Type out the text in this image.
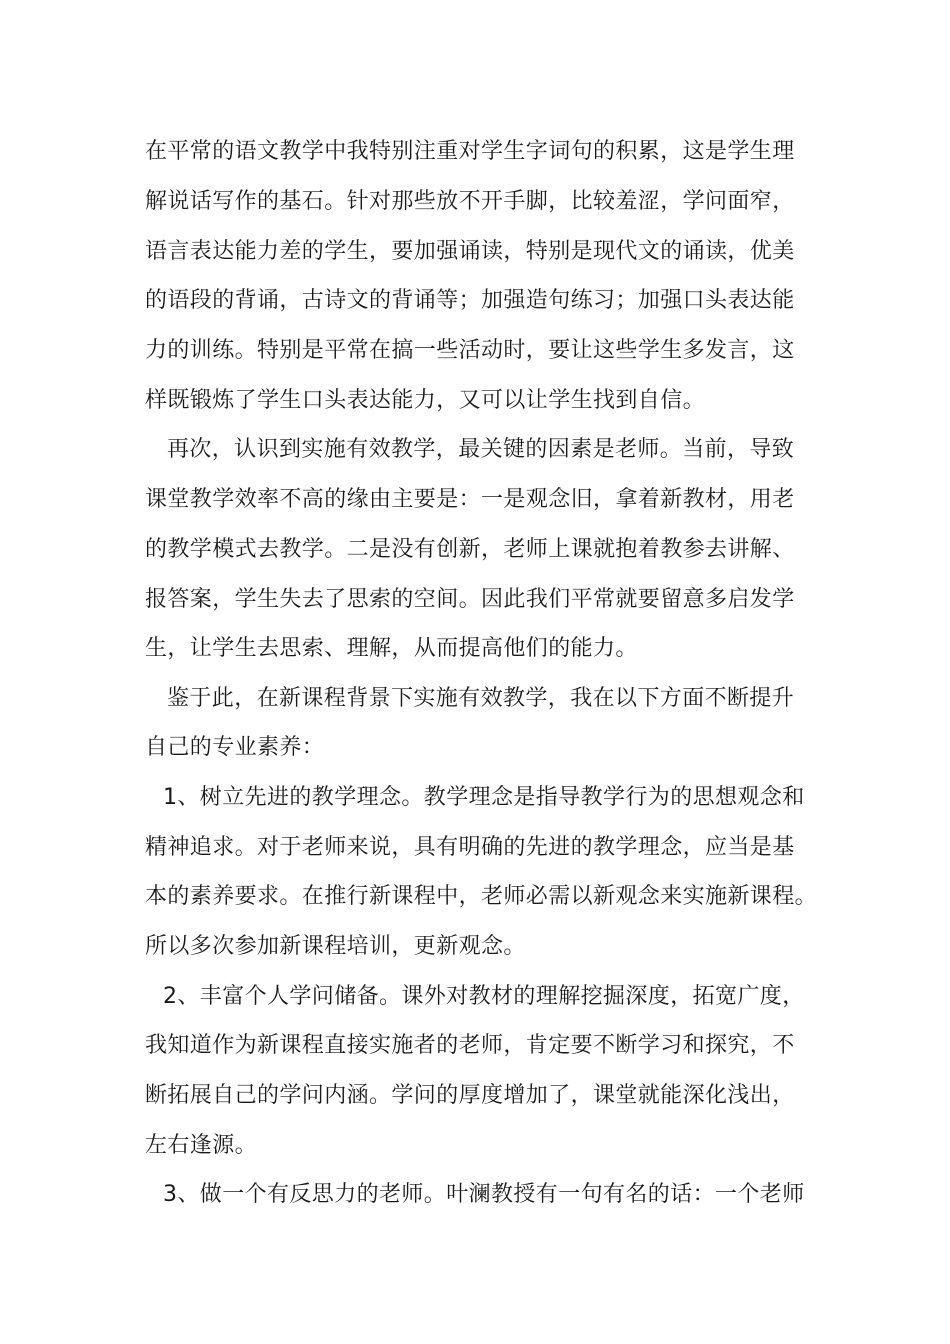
在平常的语文教学中我特别注重对学生字词句的积累，这是学生理
解说话写作的基石。针对那些放不开手脚，比较羞涩，学问面窄，
语言表达能力差的学生，要加强诵读，特别是现代文的诵读，优美
的语段的背诵，古诗文的背诵等；加强造句练习；加强口头表达能
力的训练。特别是平常在搞一些活动时，要让这些学生多发言，这
样既锻炼了学生口头表达能力，又可以让学生找到自信。
再次，认识到实施有效教学，最关键的因素是老师。当前，导致
课堂教学效率不高的缘由主要是：一是观念旧，拿着新教材，用老
的教学模式去教学。二是没有创新，老师上课就抱着教参去讲解、
报答案，学生失去了思索的空间。因此我们平常就要留意多启发学
生，让学生去思索、理解，从而提高他们的能力。
鉴于此，在新课程背景下实施有效教学，我在以下方面不断提升
自己的专业素养：
1、树立先进的教学理念。教学理念是指导教学行为的思想观念和
精神追求。对于老师来说，具有明确的先进的教学理念，应当是基
本的素养要求。在推行新课程中，老师必需以新观念来实施新课程。
所以多次参加新课程培训，更新观念。
2、丰富个人学问储备。课外对教材的理解挖掘深度，拓宽广度，
我知道作为新课程直接实施者的老师，肯定要不断学习和探究，不
断拓展自己的学问内涵。学问的厚度增加了，课堂就能深化浅出，
左右逢源。
3、做一个有反思力的老师。叶澜教授有一句有名的话：一个老师
